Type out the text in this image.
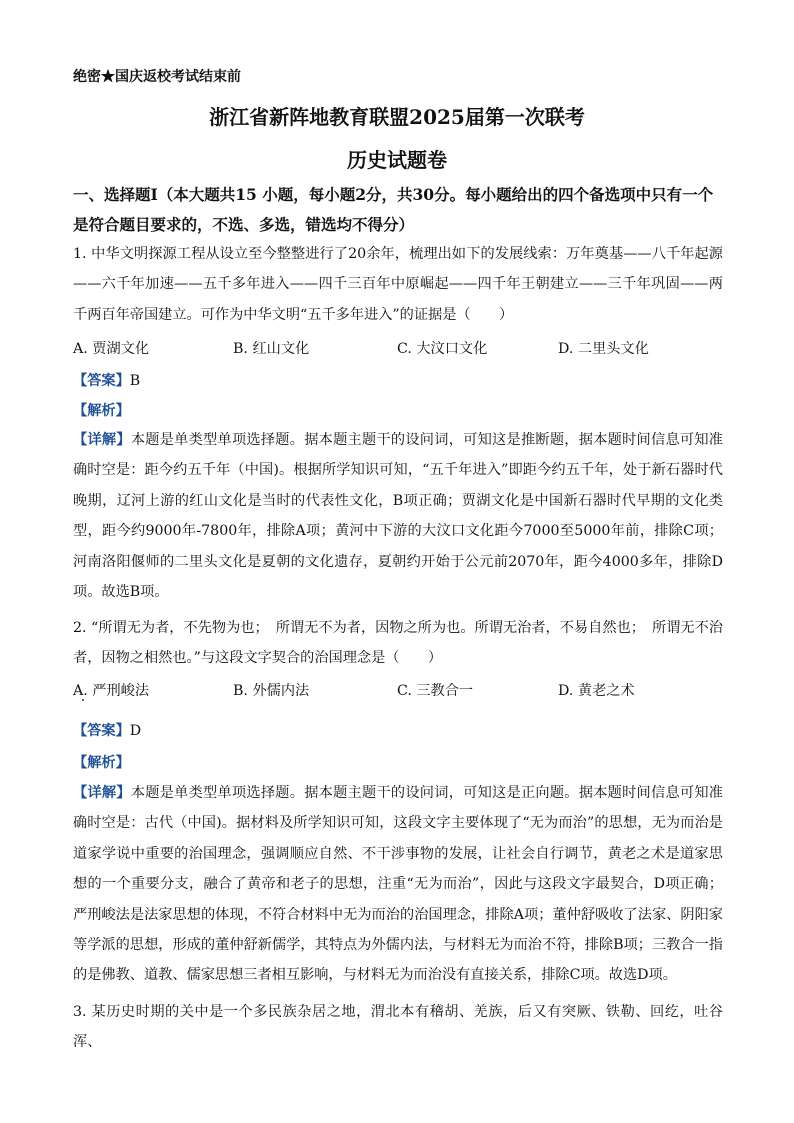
绝密★国庆返校考试结束前
浙江省新阵地教育联盟2025届第一次联考
历史试题卷
一、选择题Ⅰ（本大题共15 小题，每小题2分，共30分。每小题给出的四个备选项中只有一个是符合题目要求的，不选、多选，错选均不得分）

1. 中华文明探源工程从设立至今整整进行了20余年，梳理出如下的发展线索：万年奠基——八千年起源——六千年加速——五千多年进入——四千三百年中原崛起——四千年王朝建立——三千年巩固——两千两百年帝国建立。可作为中华文明“五千多年进入”的证据是（　　）

A. 贾湖文化	B. 红山文化	C. 大汶口文化	D. 二里头文化
【答案】B
【解析】

【详解】本题是单类型单项选择题。据本题主题干的设问词，可知这是推断题，据本题时间信息可知准确时空是：距今约五千年（中国)。根据所学知识可知，“五千年进入”即距今约五千年，处于新石器时代晚期，辽河上游的红山文化是当时的代表性文化，B项正确；贾湖文化是中国新石器时代早期的文化类型，距今约9000年-7800年，排除A项；黄河中下游的大汶口文化距今7000至5000年前，排除C项；河南洛阳偃师的二里头文化是夏朝的文化遗存，夏朝约开始于公元前2070年，距今4000多年，排除D项。故选B项。

2. “所谓无为者，不先物为也；　所谓无不为者，因物之所为也。所谓无治者，不易自然也；　所谓无不治者，因物之相然也。”与这段文字契合的治国理念是（　　）

A. 严刑峻法	B. 外儒内法	C. 三教合一	D. 黄老之术
【答案】D
【解析】

【详解】本题是单类型单项选择题。据本题主题干的设问词，可知这是正向题。据本题时间信息可知准确时空是：古代（中国)。据材料及所学知识可知，这段文字主要体现了“无为而治”的思想，无为而治是道家学说中重要的治国理念，强调顺应自然、不干涉事物的发展，让社会自行调节，黄老之术是道家思想的一个重要分支，融合了黄帝和老子的思想，注重“无为而治”，因此与这段文字最契合，D项正确；严刑峻法是法家思想的体现，不符合材料中无为而治的治国理念，排除A项；董仲舒吸收了法家、阴阳家等学派的思想，形成的董仲舒新儒学，其特点为外儒内法，与材料无为而治不符，排除B项；三教合一指的是佛教、道教、儒家思想三者相互影响，与材料无为而治没有直接关系，排除C项。故选D项。

3. 某历史时期的关中是一个多民族杂居之地，渭北本有稽胡、羌族，后又有突厥、铁勒、回纥，吐谷浑、
